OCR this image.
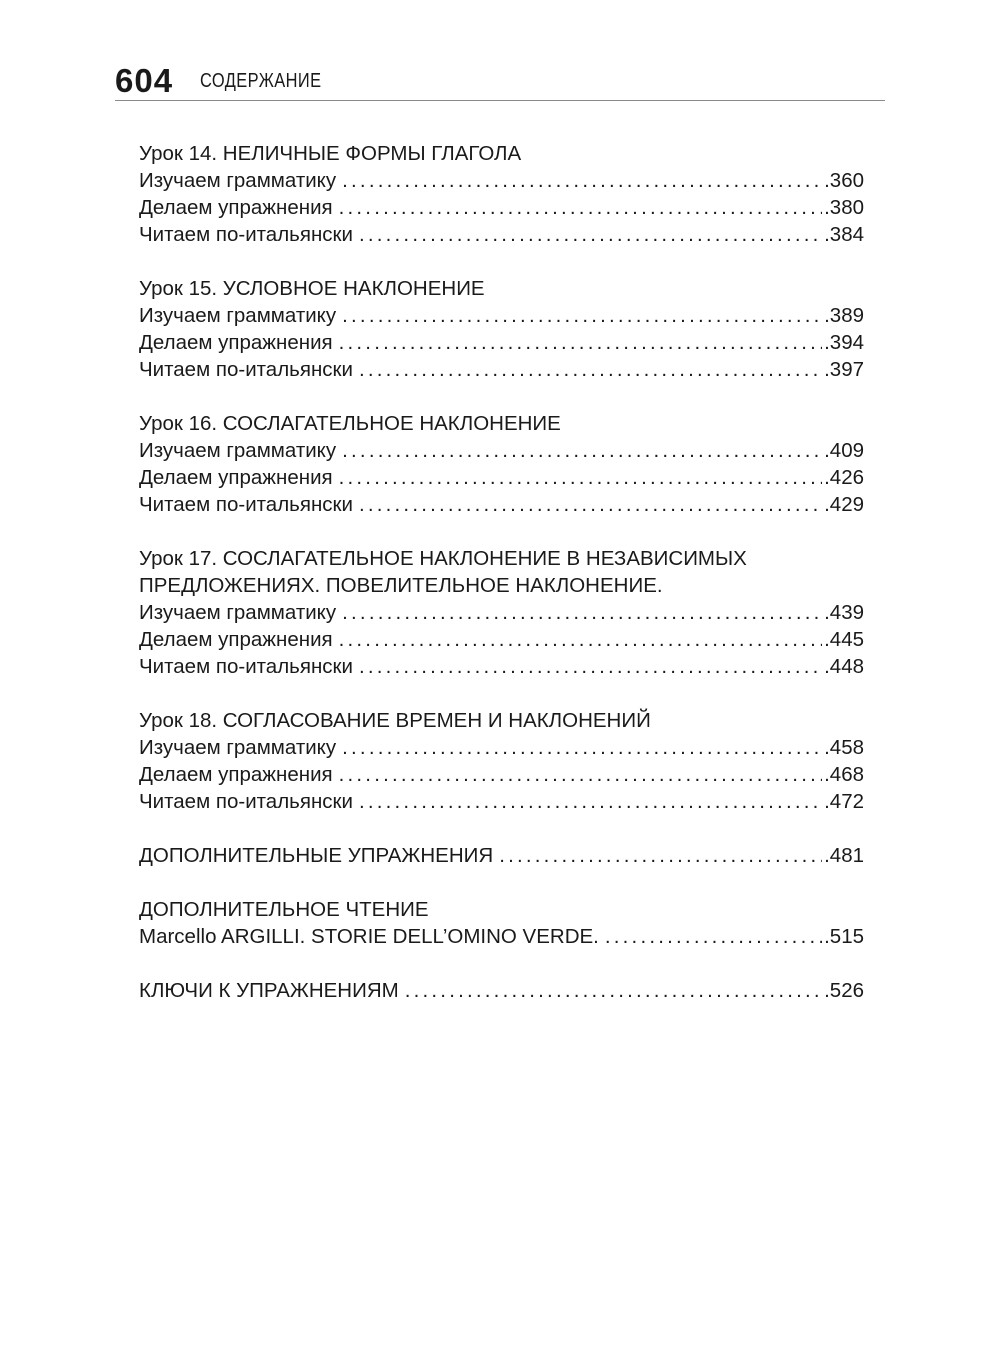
604 СОДЕРЖАНИЕ
Урок 14. НЕЛИЧНЫЕ ФОРМЫ ГЛАГОЛА
Изучаем грамматику .....	.360
Делаем упражнения .....	.380
Читаем по-итальянски .....	.384
Урок 15. УСЛОВНОЕ НАКЛОНЕНИЕ
Изучаем грамматику .....	.389
Делаем упражнения .....	.394
Читаем по-итальянски .....	.397
Урок 16. СОСЛАГАТЕЛЬНОЕ НАКЛОНЕНИЕ
Изучаем грамматику .....	.409
Делаем упражнения .....	.426
Читаем по-итальянски .....	.429
Урок 17. СОСЛАГАТЕЛЬНОЕ НАКЛОНЕНИЕ В НЕЗАВИСИМЫХ
ПРЕДЛОЖЕНИЯХ. ПОВЕЛИТЕЛЬНОЕ НАКЛОНЕНИЕ.
Изучаем грамматику .....	.439
Делаем упражнения .....	.445
Читаем по-итальянски .....	.448
Урок 18. СОГЛАСОВАНИЕ ВРЕМЕН И НАКЛОНЕНИЙ
Изучаем грамматику .....	.458
Делаем упражнения .....	.468
Читаем по-итальянски .....	.472
ДОПОЛНИТЕЛЬНЫЕ УПРАЖНЕНИЯ .....	.481
ДОПОЛНИТЕЛЬНОЕ ЧТЕНИЕ
Marcello ARGILLI. STORIE DELL’OMINO VERDE. .....	.515
КЛЮЧИ К УПРАЖНЕНИЯМ .....	.526
